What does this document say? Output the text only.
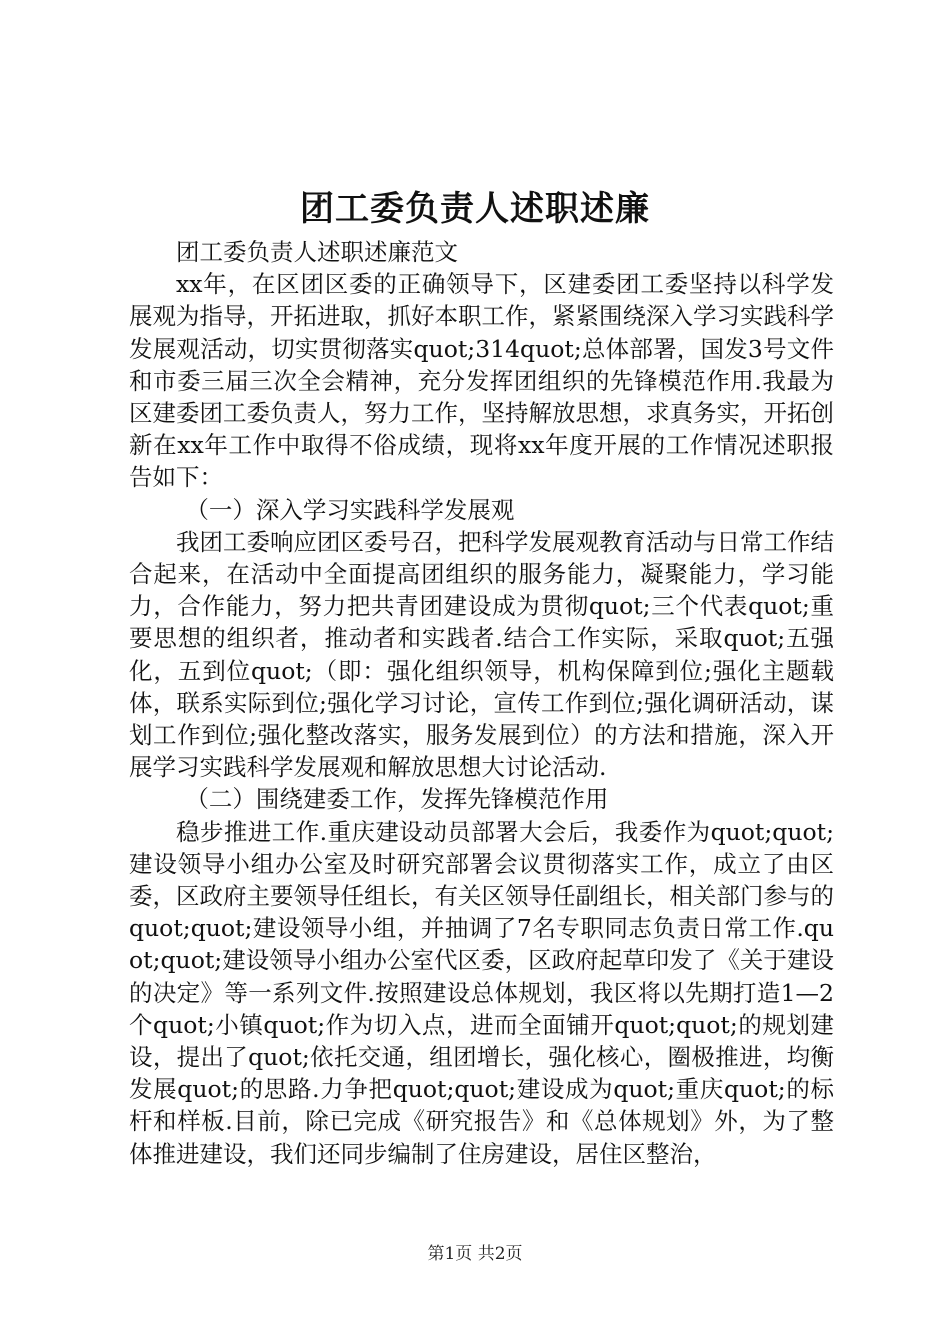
团工委负责人述职述廉

团工委负责人述职述廉范文

xx年，在区团区委的正确领导下，区建委团工委坚持以科学发展观为指导，开拓进取，抓好本职工作，紧紧围绕深入学习实践科学发展观活动，切实贯彻落实quot;314quot;总体部署，国发3号文件和市委三届三次全会精神，充分发挥团组织的先锋模范作用.我最为区建委团工委负责人，努力工作，坚持解放思想，求真务实，开拓创新在xx年工作中取得不俗成绩，现将xx年度开展的工作情况述职报告如下：

（一）深入学习实践科学发展观

我团工委响应团区委号召，把科学发展观教育活动与日常工作结合起来，在活动中全面提高团组织的服务能力，凝聚能力，学习能力，合作能力，努力把共青团建设成为贯彻quot;三个代表quot;重要思想的组织者，推动者和实践者.结合工作实际，采取quot;五强化，五到位quot;（即：强化组织领导，机构保障到位;强化主题载体，联系实际到位;强化学习讨论，宣传工作到位;强化调研活动，谋划工作到位;强化整改落实，服务发展到位）的方法和措施，深入开展学习实践科学发展观和解放思想大讨论活动.

（二）围绕建委工作，发挥先锋模范作用

稳步推进工作.重庆建设动员部署大会后，我委作为quot;quot;建设领导小组办公室及时研究部署会议贯彻落实工作，成立了由区委，区政府主要领导任组长，有关区领导任副组长，相关部门参与的quot;quot;建设领导小组，并抽调了7名专职同志负责日常工作.quot;quot;建设领导小组办公室代区委，区政府起草印发了《关于建设的决定》等一系列文件.按照建设总体规划，我区将以先期打造1—2个quot;小镇quot;作为切入点，进而全面铺开quot;quot;的规划建设，提出了quot;依托交通，组团增长，强化核心，圈极推进，均衡发展quot;的思路.力争把quot;quot;建设成为quot;重庆quot;的标杆和样板.目前，除已完成《研究报告》和《总体规划》外，为了整体推进建设，我们还同步编制了住房建设，居住区整治，

第1页 共2页
